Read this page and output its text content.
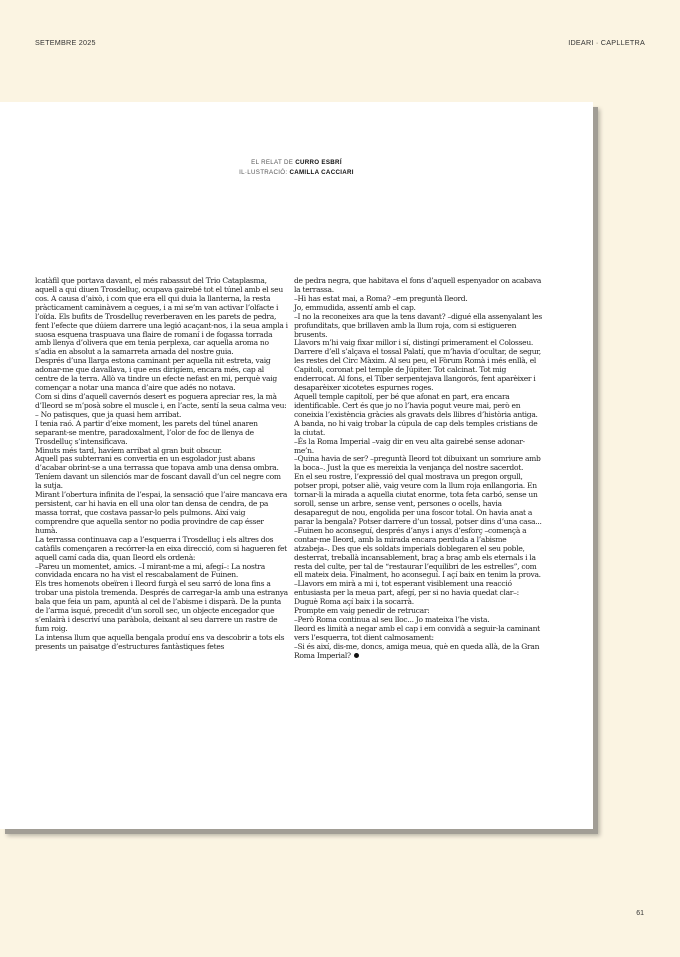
SETEMBRE 2025	IDEARI · CAPLLETRA
EL RELAT DE CURRO ESBRÍ
IL·LUSTRACIÓ: CAMILLA CACCIARI

lcatàfil que portava davant, el més rabassut del Trio Cataplasma, aquell a qui diuen Trosdelluç, ocupava gairebé tot el túnel amb el seu cos. A causa d’això, i com que era ell qui duia la llanterna, la resta pràcticament caminàvem a cegues, i a mi se’m van activar l’olfacte i l’oïda. Els bufits de Trosdelluç reverberaven en les parets de pedra, fent l’efecte que dúiem darrere una legió acaçant-nos, i la seua ampla i suosa esquena traspuava una flaire de romaní i de fogassa torrada amb llenya d’olivera que em tenia perplexa, car aquella aroma no s’adia en absolut a la samarreta arnada del nostre guia.

Després d’una llarga estona caminant per aquella nit estreta, vaig adonar-me que davallava, i que ens dirigíem, encara més, cap al centre de la terra. Allò va tindre un efecte nefast en mi, perquè vaig començar a notar una manca d’aire que adés no notava.

Com si dins d’aquell cavernós desert es poguera apreciar res, la mà d’Ileord se m’posà sobre el muscle i, en l’acte, sentí la seua calma veu:

– No patisques, que ja quasi hem arribat.

I tenia raó. A partir d’eixe moment, les parets del túnel anaren separant-se mentre, paradoxalment, l’olor de foc de llenya de Trosdelluç s’intensificava.

Minuts més tard, havíem arribat al gran buit obscur.

Aquell pas subterrani es convertia en un esgolador just abans d’acabar obrint-se a una terrassa que topava amb una densa ombra. Teníem davant un silenciós mar de foscant davall d’un cel negre com la sutja.

Mirant l’obertura infinita de l’espai, la sensació que l’aire mancava era persistent, car hi havia en ell una olor tan densa de cendra, de pa massa torrat, que costava passar-lo pels pulmons. Així vaig comprendre que aquella sentor no podia provindre de cap ésser humà.

La terrassa continuava cap a l’esquerra i Trosdelluç i els altres dos catàfils començaren a recórrer-la en eixa direcció, com si hagueren fet aquell camí cada dia, quan Ileord els ordenà:

–Pareu un momentet, amics. –I mirant-me a mi, afegí–: La nostra convidada encara no ha vist el rescabalament de Fuinen.

Els tres homenots obeïren i Ileord furgà el seu sarró de lona fins a trobar una pistola tremenda. Després de carregar-la amb una estranya bala que feia un pam, apuntà al cel de l’abisme i disparà. De la punta de l’arma isqué, precedit d’un soroll sec, un objecte encegador que s’enlairà i descriví una paràbola, deixant al seu darrere un rastre de fum roig.

La intensa llum que aquella bengala produí ens va descobrir a tots els presents un paisatge d’estructures fantàstiques fetes

de pedra negra, que habitava el fons d’aquell espenyador on acabava la terrassa.

–Hi has estat mai, a Roma? –em preguntà Ileord.

Jo, emmudida, assentí amb el cap.

–I no la reconeixes ara que la tens davant? –digué ella assenyalant les profunditats, que brillaven amb la llum roja, com si estigueren brusents.

Llavors m’hi vaig fixar millor i sí, distingí primerament el Colosseu. Darrere d’ell s’alçava el tossal Palatí, que m’havia d’ocultar, de segur, les restes del Circ Màxim. Al seu peu, el Fòrum Romà i més enllà, el Capitoli, coronat pel temple de Júpiter. Tot calcinat. Tot mig enderrocat. Al fons, el Tíber serpentejava llangorós, fent aparèixer i desaparèixer xicotetes espurnes roges.

Aquell temple capitolí, per bé que afonat en part, era encara identificable. Cert és que jo no l’havia pogut veure mai, però en coneixia l’existència gràcies als gravats dels llibres d’història antiga. A banda, no hi vaig trobar la cúpula de cap dels temples cristians de la ciutat.

–És la Roma Imperial –vaig dir en veu alta gairebé sense adonar-me’n.

–Quina havia de ser? –preguntà Ileord tot dibuixant un somriure amb la boca–. Just la que es mereixia la venjança del nostre sacerdot.

En el seu rostre, l’expressió del qual mostrava un pregon orgull, potser propi, potser aliè, vaig veure com la llum roja enllangoria. En tornar-li la mirada a aquella ciutat enorme, tota feta carbó, sense un soroll, sense un arbre, sense vent, persones o ocells, havia desaparegut de nou, engolida per una foscor total. On havia anat a parar la bengala? Potser darrere d’un tossal, potser dins d’una casa...

–Fuinen ho aconseguí, després d’anys i anys d’esforç –començà a contar-me Ileord, amb la mirada encara perduda a l’abisme atzabeja–. Des que els soldats imperials doblegaren el seu poble, desterrat, treballà incansablement, braç a braç amb els eternals i la resta del culte, per tal de “restaurar l’equilibri de les estrelles”, com ell mateix deia. Finalment, ho aconseguí. I açí baix en tenim la prova. –Llavors em mirà a mi i, tot esperant visiblement una reacció entusiasta per la meua part, afegí, per si no havia quedat clar–: Duguè Roma açí baix i la socarrà.

Prompte em vaig penedir de retrucar:

–Però Roma continua al seu lloc... Jo mateixa l’he vista.

Ileord es limità a negar amb el cap i em convidà a seguir-la caminant vers l’esquerra, tot dient calmosament:

–Si és així, dis-me, doncs, amiga meua, què en queda allà, de la Gran Roma Imperial?

61
